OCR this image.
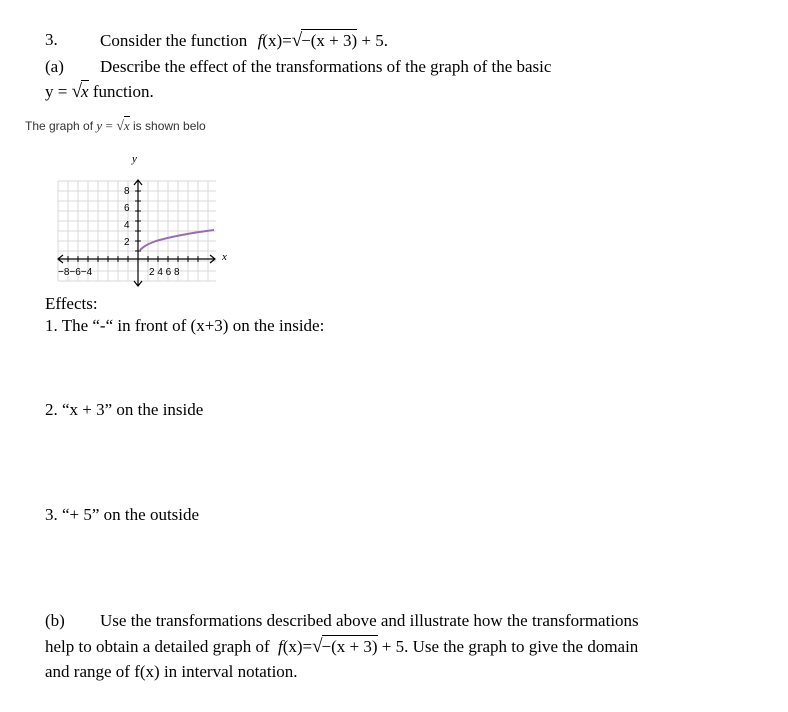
3. Consider the function f(x)=√−(x + 3) + 5.
(a) Describe the effect of the transformations of the graph of the basic
y = √x function.
The graph of y = √x is shown belo
y
x
8
6
4
2
−8−6−4	2 4 6 8
Effects:
1. The “-“ in front of (x+3) on the inside:
2. “x + 3” on the inside
3. “+ 5” on the outside
(b) Use the transformations described above and illustrate how the transformations
help to obtain a detailed graph of f(x)=√−(x + 3) + 5. Use the graph to give the domain
and range of f(x) in interval notation.
